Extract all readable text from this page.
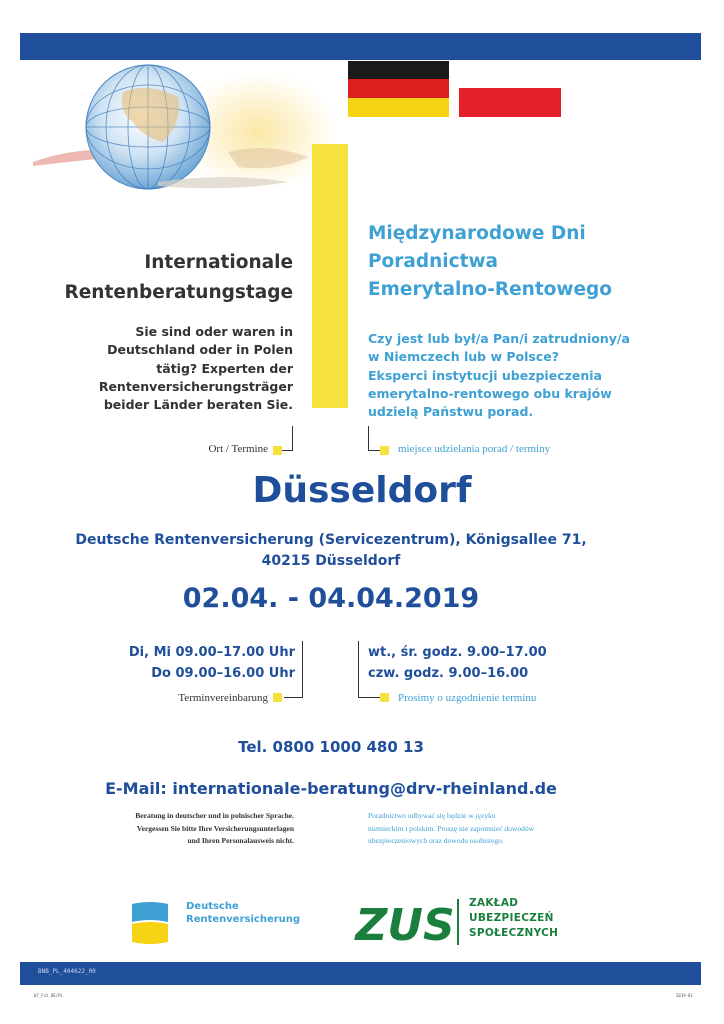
Internationale
Rentenberatungstage
Międzynarodowe Dni
Poradnictwa
Emerytalno-Rentowego
Sie sind oder waren in
Deutschland oder in Polen
tätig? Experten der
Rentenversicherungsträger
beider Länder beraten Sie.
Czy jest lub był/a Pan/i zatrudniony/a
w Niemczech lub w Polsce?
Eksperci instytucji ubezpieczenia
emerytalno-rentowego obu krajów
udzielą Państwu porad.
Ort / Termine	miejsce udzielania porad / terminy
Düsseldorf
Deutsche Rentenversicherung (Servicezentrum), Königsallee 71,
40215 Düsseldorf
02.04. - 04.04.2019
Di, Mi 09.00–17.00 Uhr
Do 09.00–16.00 Uhr
Terminvereinbarung
wt., śr. godz. 9.00–17.00
czw. godz. 9.00–16.00
Prosimy o uzgodnienie terminu
Tel. 0800 1000 480 13
E-Mail: internationale-beratung@drv-rheinland.de
Beratung in deutscher und in polnischer Sprache.
Vergessen Sie bitte Ihre Versicherungsunterlagen
und Ihren Personalausweis nicht.
Poradnictwo odbywać się będzie w języku
niemieckim i polskim. Proszę nie zapomnieć dowodów
ubezpieczeniowych oraz dowodu osobistego.
Deutsche
Rentenversicherung ZUS ZAKŁAD
UBEZPIECZEŃ
SPOŁECZNYCH
BNB_PL_404622_00
07_Fst_DE/PL	2019-01
